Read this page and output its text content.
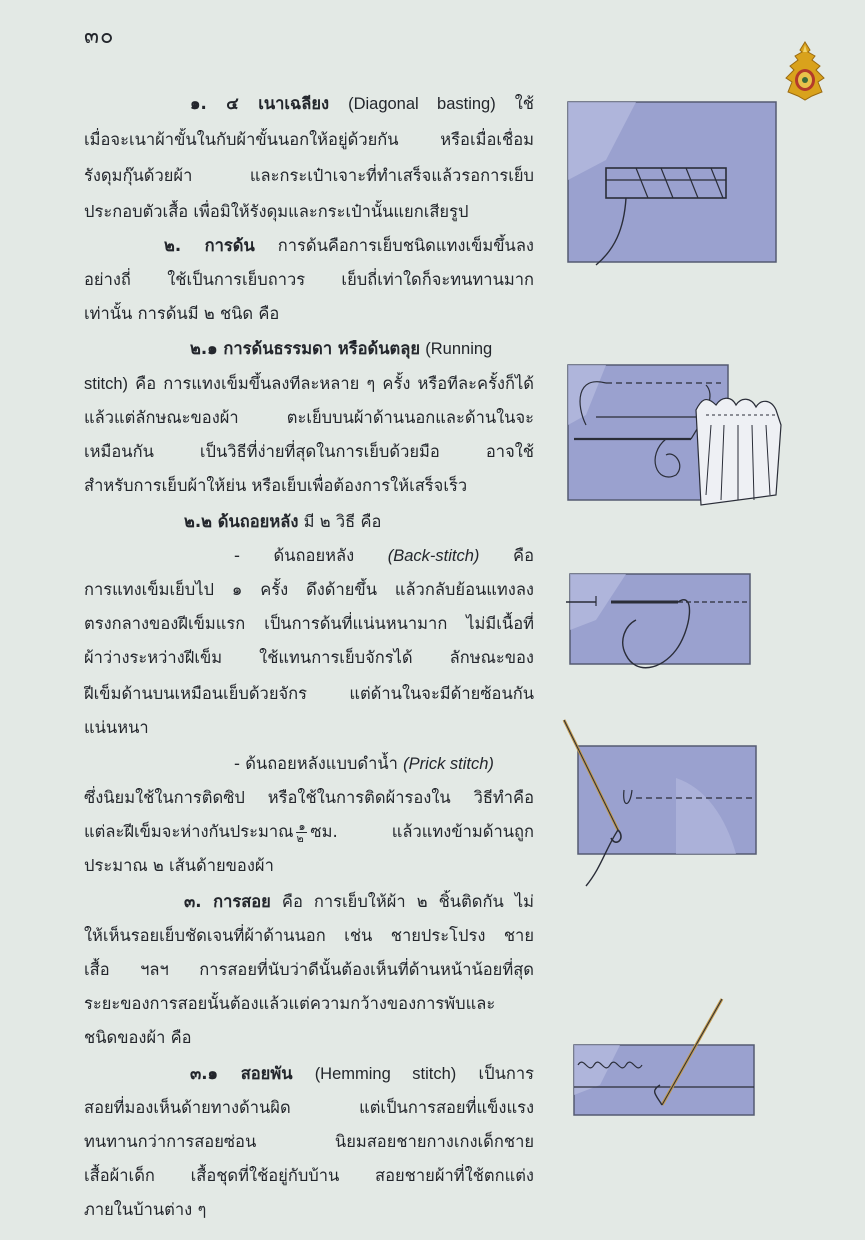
๓๐
๑. ๔ เนาเฉลียง (Diagonal basting) ใช้
เมื่อจะเนาผ้าขั้นในกับผ้าขั้นนอกให้อยู่ด้วยกัน หรือเมื่อเชื่อม
รังดุมกุ๊นด้วยผ้า และกระเป๋าเจาะที่ทำเสร็จแล้วรอการเย็บ
ประกอบตัวเสื้อ เพื่อมิให้รังดุมและกระเป๋านั้นแยกเสียรูป
๒. การด้น การด้นคือการเย็บชนิดแทงเข็มขึ้นลง
อย่างถี่ ใช้เป็นการเย็บถาวร เย็บถี่เท่าใดก็จะทนทานมาก
เท่านั้น การด้นมี ๒ ชนิด คือ
๒.๑ การด้นธรรมดา หรือด้นตลุย (Running
stitch) คือ การแทงเข็มขึ้นลงทีละหลาย ๆ ครั้ง หรือทีละครั้งก็ได้
แล้วแต่ลักษณะของผ้า ตะเย็บบนผ้าด้านนอกและด้านในจะ
เหมือนกัน เป็นวิธีที่ง่ายที่สุดในการเย็บด้วยมือ อาจใช้
สำหรับการเย็บผ้าให้ย่น หรือเย็บเพื่อต้องการให้เสร็จเร็ว
๒.๒ ด้นถอยหลัง มี ๒ วิธี คือ
- ด้นถอยหลัง (Back-stitch) คือ
การแทงเข็มเย็บไป ๑ ครั้ง ดึงด้ายขึ้น แล้วกลับย้อนแทงลง
ตรงกลางของฝีเข็มแรก เป็นการด้นที่แน่นหนามาก ไม่มีเนื้อที่
ผ้าว่างระหว่างฝีเข็ม ใช้แทนการเย็บจักรได้ ลักษณะของ
ฝีเข็มด้านบนเหมือนเย็บด้วยจักร แต่ด้านในจะมีด้ายซ้อนกัน
แน่นหนา
- ด้นถอยหลังแบบดำน้ำ (Prick stitch)
ซึ่งนิยมใช้ในการติดซิป หรือใช้ในการติดผ้ารองใน วิธีทำคือ
แต่ละฝีเข็มจะห่างกันประมาณ $\frac{๑}{๒}$ ซม. แล้วแทงข้ามด้านถูก
ประมาณ ๒ เส้นด้ายของผ้า
๓. การสอย คือ การเย็บให้ผ้า ๒ ชิ้นติดกัน ไม่
ให้เห็นรอยเย็บชัดเจนที่ผ้าด้านนอก เช่น ชายประโปรง ชาย
เสื้อ ฯลฯ การสอยที่นับว่าดีนั้นต้องเห็นที่ด้านหน้าน้อยที่สุด
ระยะของการสอยนั้นต้องแล้วแต่ความกว้างของการพับและ
ชนิดของผ้า คือ
๓.๑ สอยพัน (Hemming stitch) เป็นการ
สอยที่มองเห็นด้ายทางด้านผิด แต่เป็นการสอยที่แข็งแรง
ทนทานกว่าการสอยซ่อน นิยมสอยชายกางเกงเด็กชาย
เสื้อผ้าเด็ก เสื้อชุดที่ใช้อยู่กับบ้าน สอยชายผ้าที่ใช้ตกแต่ง
ภายในบ้านต่าง ๆ
